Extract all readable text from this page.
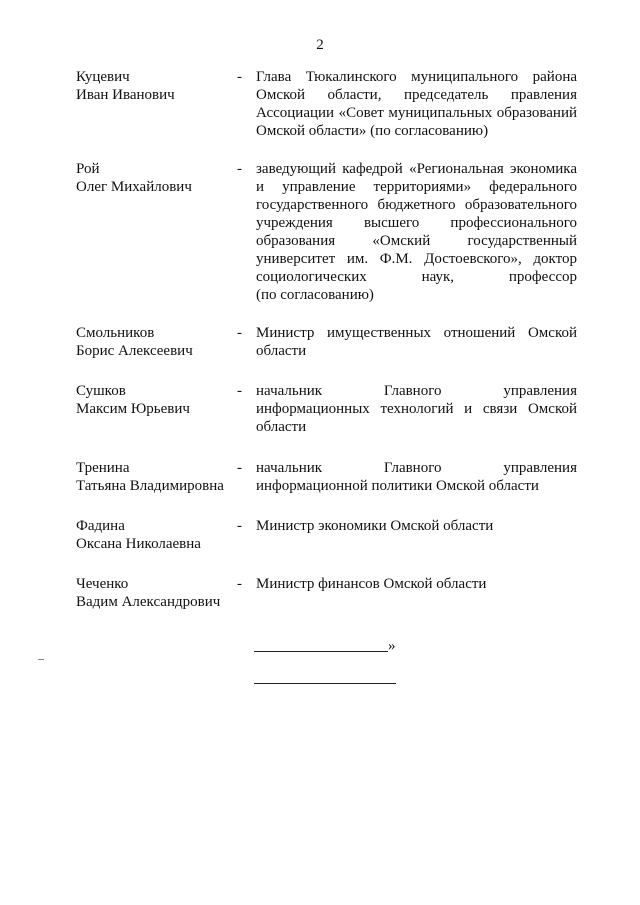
2
Куцевич
Иван Иванович
- Глава Тюкалинского муниципального района
Омской области, председатель правления
Ассоциации «Совет муниципальных образований
Омской области» (по согласованию)
Рой
Олег Михайлович
- заведующий кафедрой «Региональная экономика
и управление территориями» федерального
государственного бюджетного образовательного
учреждения высшего профессионального
образования «Омский государственный
университет им. Ф.М. Достоевского», доктор
социологических наук, профессор
(по согласованию)
Смольников
Борис Алексеевич
- Министр имущественных отношений Омской
области
Сушков
Максим Юрьевич
- начальник Главного управления
информационных технологий и связи Омской
области
Тренина
Татьяна Владимировна
- начальник Главного управления
информационной политики Омской области
Фадина
Оксана Николаевна
- Министр экономики Омской области
Чеченко
Вадим Александрович
- Министр финансов Омской области
»
